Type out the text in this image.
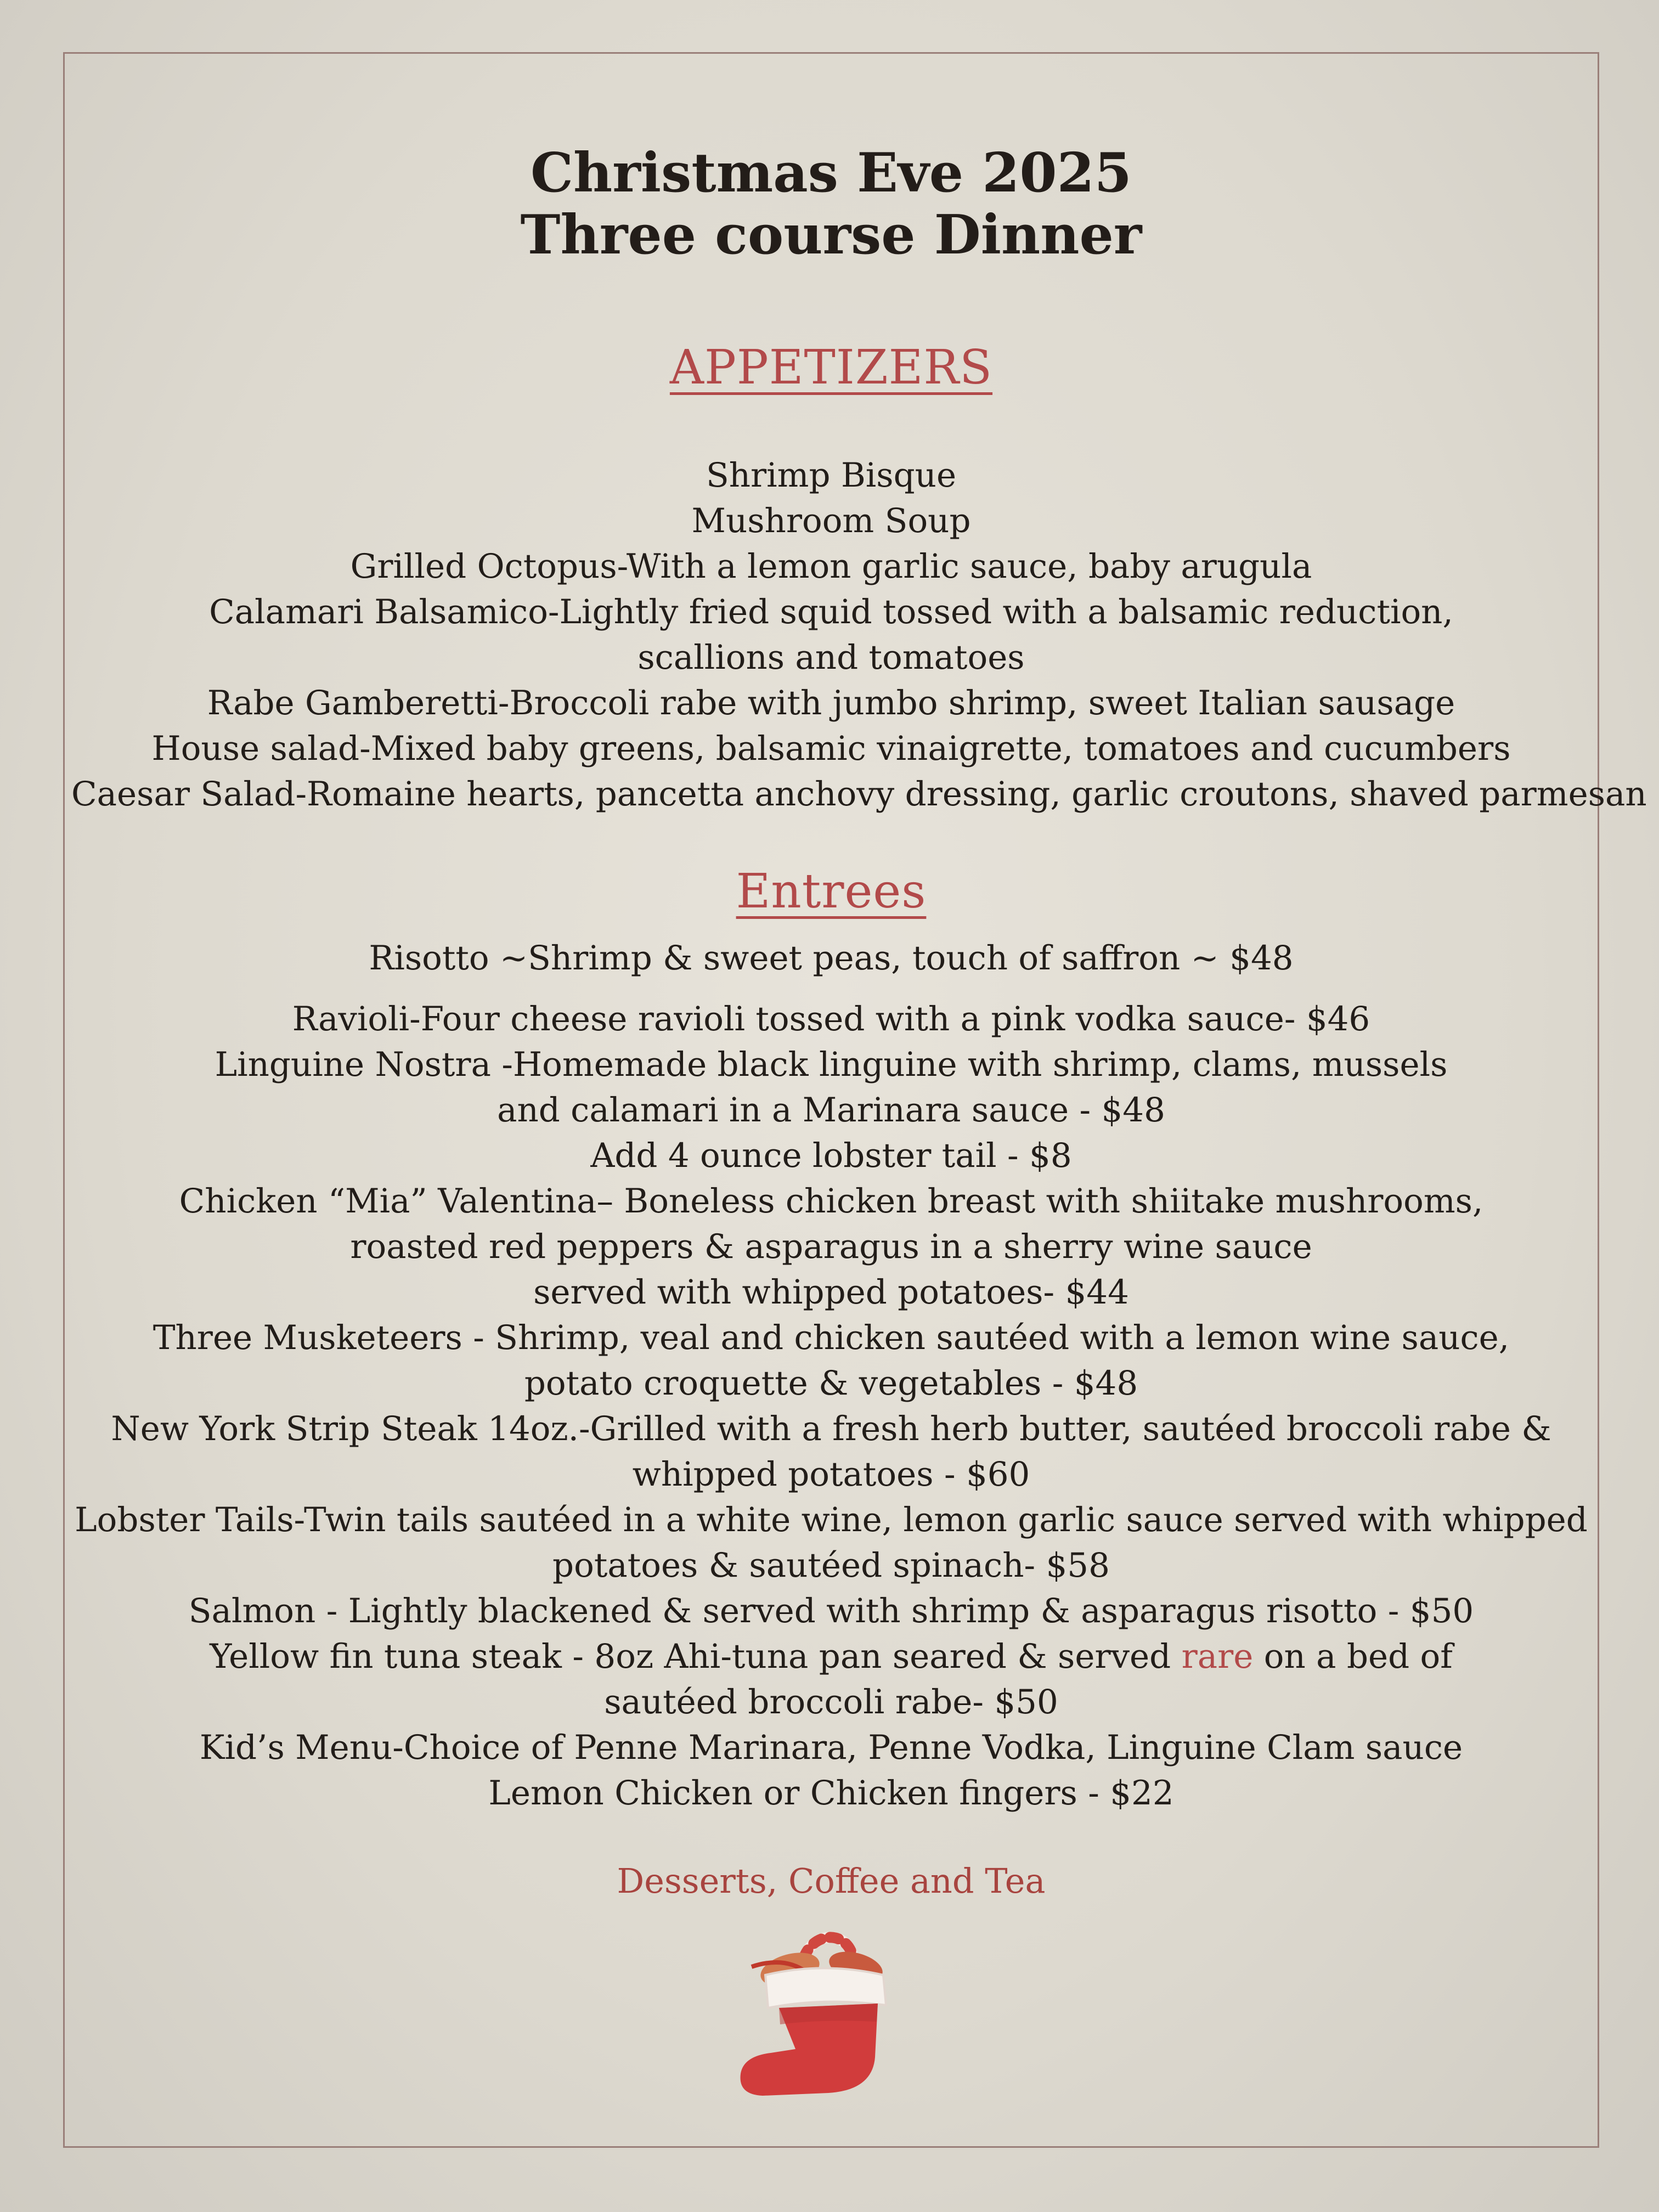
Christmas Eve 2025
Three course Dinner
APPETIZERS
Shrimp Bisque
Mushroom Soup
Grilled Octopus-With a lemon garlic sauce, baby arugula
Calamari Balsamico-Lightly fried squid tossed with a balsamic reduction,
scallions and tomatoes
Rabe Gamberetti-Broccoli rabe with jumbo shrimp, sweet Italian sausage
House salad-Mixed baby greens, balsamic vinaigrette, tomatoes and cucumbers
Caesar Salad-Romaine hearts, pancetta anchovy dressing, garlic croutons, shaved parmesan
Entrees
Risotto ~Shrimp & sweet peas, touch of saffron ~ $48
Ravioli-Four cheese ravioli tossed with a pink vodka sauce- $46
Linguine Nostra -Homemade black linguine with shrimp, clams, mussels
and calamari in a Marinara sauce - $48
Add 4 ounce lobster tail - $8
Chicken “Mia” Valentina– Boneless chicken breast with shiitake mushrooms,
roasted red peppers & asparagus in a sherry wine sauce
served with whipped potatoes- $44
Three Musketeers - Shrimp, veal and chicken sautéed with a lemon wine sauce,
potato croquette & vegetables - $48
New York Strip Steak 14oz.-Grilled with a fresh herb butter, sautéed broccoli rabe &
whipped potatoes - $60
Lobster Tails-Twin tails sautéed in a white wine, lemon garlic sauce served with whipped
potatoes & sautéed spinach- $58
Salmon - Lightly blackened & served with shrimp & asparagus risotto - $50
Yellow fin tuna steak - 8oz Ahi-tuna pan seared & served rare on a bed of
sautéed broccoli rabe- $50
Kid’s Menu-Choice of Penne Marinara, Penne Vodka, Linguine Clam sauce
Lemon Chicken or Chicken fingers - $22
Desserts, Coffee and Tea
